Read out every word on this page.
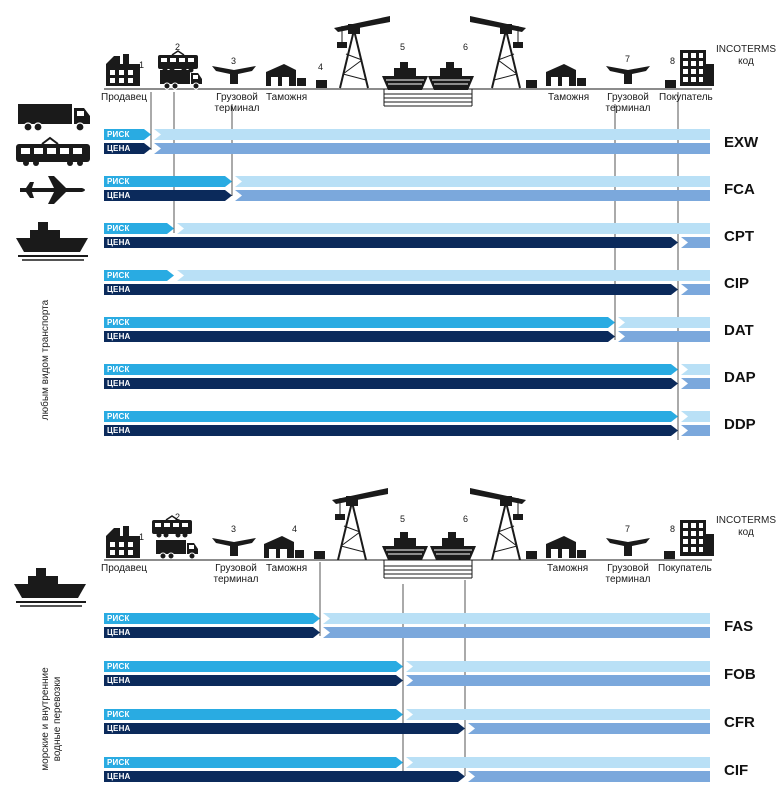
Продавец	Грузовой
терминал
Таможня	Таможня	Грузовой
терминал
Покупатель
1
2
3
4
5	6
7	8
INCOTERMS
код
Продавец	Грузовой
терминал
Таможня	Таможня	Грузовой
терминал
Покупатель
1
2
3	4
5	6
7	8
INCOTERMS
код
любым видом транспорта
морские и внутренние водные перевозки
РИСК
ЦЕНА	EXW
РИСК
ЦЕНА	FCA
РИСК
ЦЕНА	CPT
РИСК
ЦЕНА	CIP
РИСК
ЦЕНА	DAT
РИСК
ЦЕНА	DAP
РИСК
ЦЕНА	DDP
РИСК
ЦЕНА	FAS
РИСК
ЦЕНА	FOB
РИСК
ЦЕНА	CFR
РИСК
ЦЕНА	CIF
